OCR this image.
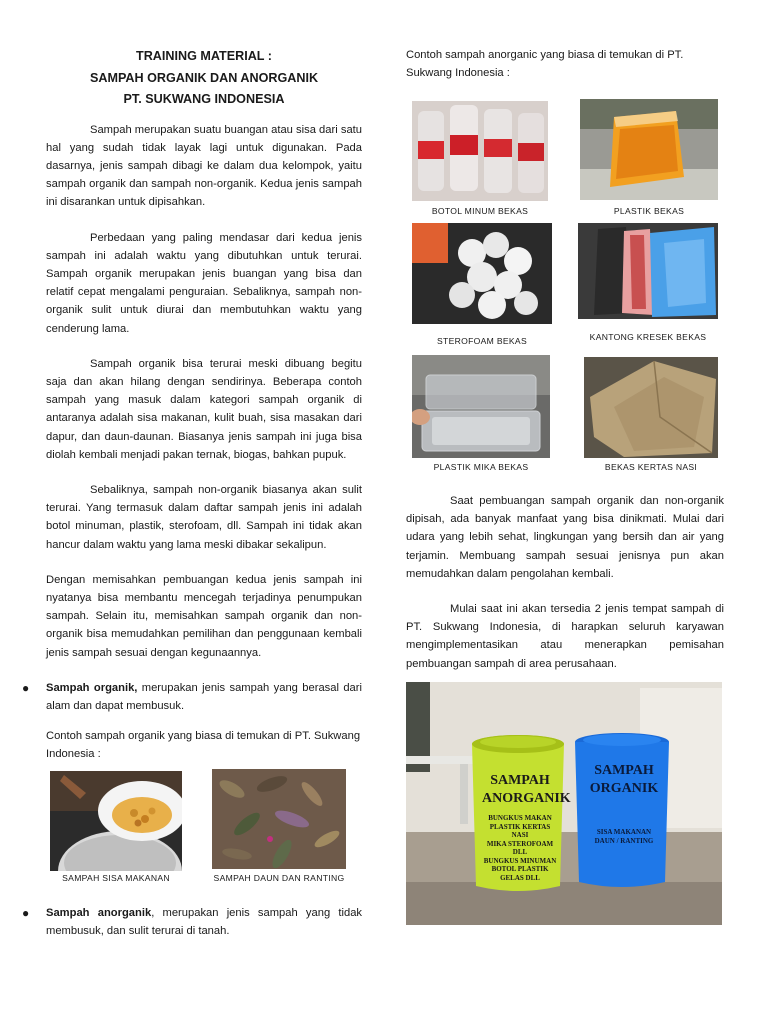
TRAINING MATERIAL :
SAMPAH ORGANIK DAN ANORGANIK
PT. SUKWANG INDONESIA

Sampah merupakan suatu buangan atau sisa dari satu hal yang sudah tidak layak lagi untuk digunakan. Pada dasarnya, jenis sampah dibagi ke dalam dua kelompok, yaitu sampah organik dan sampah non-organik. Kedua jenis sampah ini disarankan untuk dipisahkan.

Perbedaan yang paling mendasar dari kedua jenis sampah ini adalah waktu yang dibutuhkan untuk terurai. Sampah organik merupakan jenis buangan yang bisa dan relatif cepat mengalami penguraian. Sebaliknya, sampah non-organik sulit untuk diurai dan membutuhkan waktu yang cenderung lama.

Sampah organik bisa terurai meski dibuang begitu saja dan akan hilang dengan sendirinya. Beberapa contoh sampah yang masuk dalam kategori sampah organik di antaranya adalah sisa makanan, kulit buah, sisa masakan dari dapur, dan daun-daunan. Biasanya jenis sampah ini juga bisa diolah kembali menjadi pakan ternak, biogas, bahkan pupuk.

Sebaliknya, sampah non-organik biasanya akan sulit terurai. Yang termasuk dalam daftar sampah jenis ini adalah botol minuman, plastik, sterofoam, dll. Sampah ini tidak akan hancur dalam waktu yang lama meski dibakar sekalipun.

Dengan memisahkan pembuangan kedua jenis sampah ini nyatanya bisa membantu mencegah terjadinya penumpukan sampah. Selain itu, memisahkan sampah organik dan non-organik bisa memudahkan pemilihan dan penggunaan kembali jenis sampah sesuai dengan kegunaannya.

● Sampah organik, merupakan jenis sampah yang berasal dari alam dan dapat membusuk.
Contoh sampah organik yang biasa di temukan di PT. Sukwang Indonesia :
SAMPAH SISA MAKANAN	SAMPAH DAUN DAN RANTING
● Sampah anorganik, merupakan jenis sampah yang tidak membusuk, dan sulit terurai di tanah.
Contoh sampah anorganic yang biasa di temukan di PT. Sukwang Indonesia :
BOTOL MINUM BEKAS	PLASTIK BEKAS
STEROFOAM BEKAS	KANTONG KRESEK BEKAS
PLASTIK MIKA BEKAS	BEKAS KERTAS NASI

Saat pembuangan sampah organik dan non-organik dipisah, ada banyak manfaat yang bisa dinikmati. Mulai dari udara yang lebih sehat, lingkungan yang bersih dan air yang terjamin. Membuang sampah sesuai jenisnya pun akan memudahkan dalam pengolahan kembali.

Mulai saat ini akan tersedia 2 jenis tempat sampah di PT. Sukwang Indonesia, di harapkan seluruh karyawan mengimplementasikan atau menerapkan pemisahan pembuangan sampah di area perusahaan.

SAMPAH
ANORGANIK
BUNGKUS MAKAN
PLASTIK KERTAS NASI
MIKA STEROFOAM DLL
BUNGKUS MINUMAN
BOTOL PLASTIK
GELAS DLL
SAMPAH
ORGANIK
SISA MAKANAN
DAUN / RANTING
